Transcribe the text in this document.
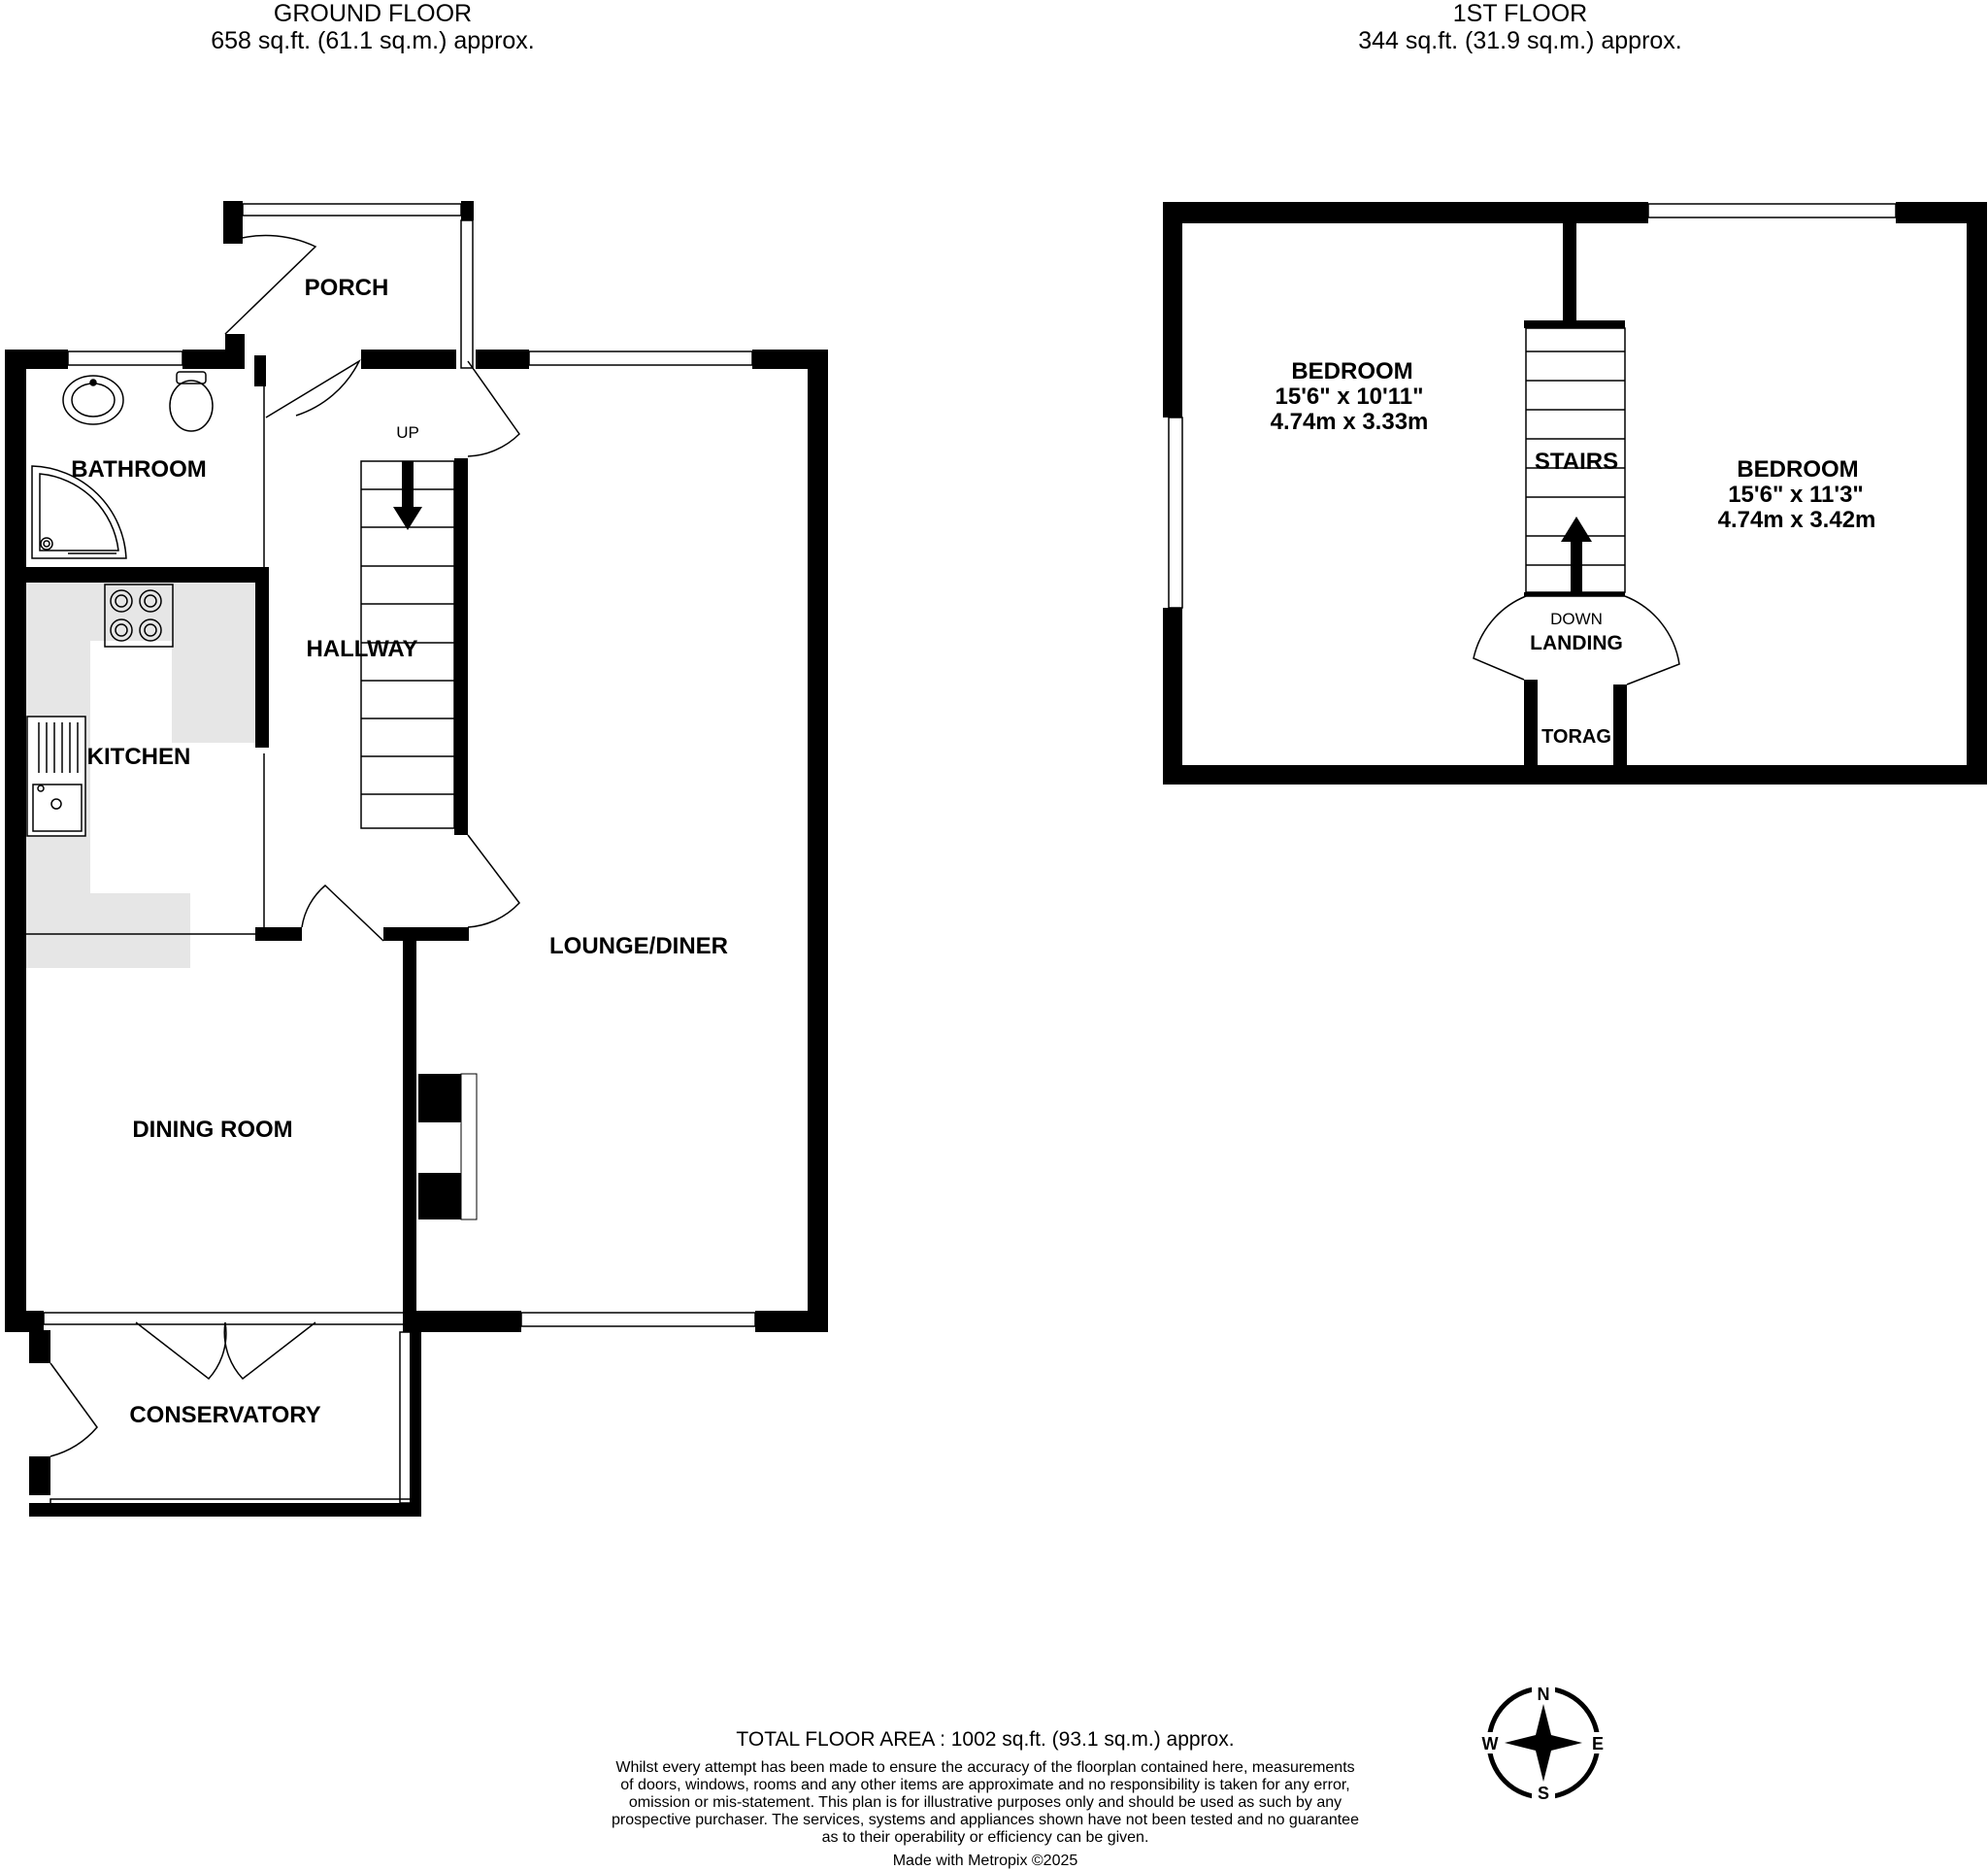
GROUND FLOOR
658 sq.ft. (61.1 sq.m.) approx.
1ST FLOOR
344 sq.ft. (31.9 sq.m.) approx.
PORCH
BATHROOM
UP
HALLWAY
KITCHEN
LOUNGE/DINER
DINING ROOM
CONSERVATORY
BEDROOM
15'6" x 10'11"
4.74m x 3.33m
BEDROOM
15'6" x 11'3"
4.74m x 3.42m
STAIRS
DOWN
LANDING
TORAG
N
S
E
W
TOTAL FLOOR AREA : 1002 sq.ft. (93.1 sq.m.) approx.
Whilst every attempt has been made to ensure the accuracy of the floorplan contained here, measurements
of doors, windows, rooms and any other items are approximate and no responsibility is taken for any error,
omission or mis-statement. This plan is for illustrative purposes only and should be used as such by any
prospective purchaser. The services, systems and appliances shown have not been tested and no guarantee
as to their operability or efficiency can be given.
Made with Metropix ©2025
